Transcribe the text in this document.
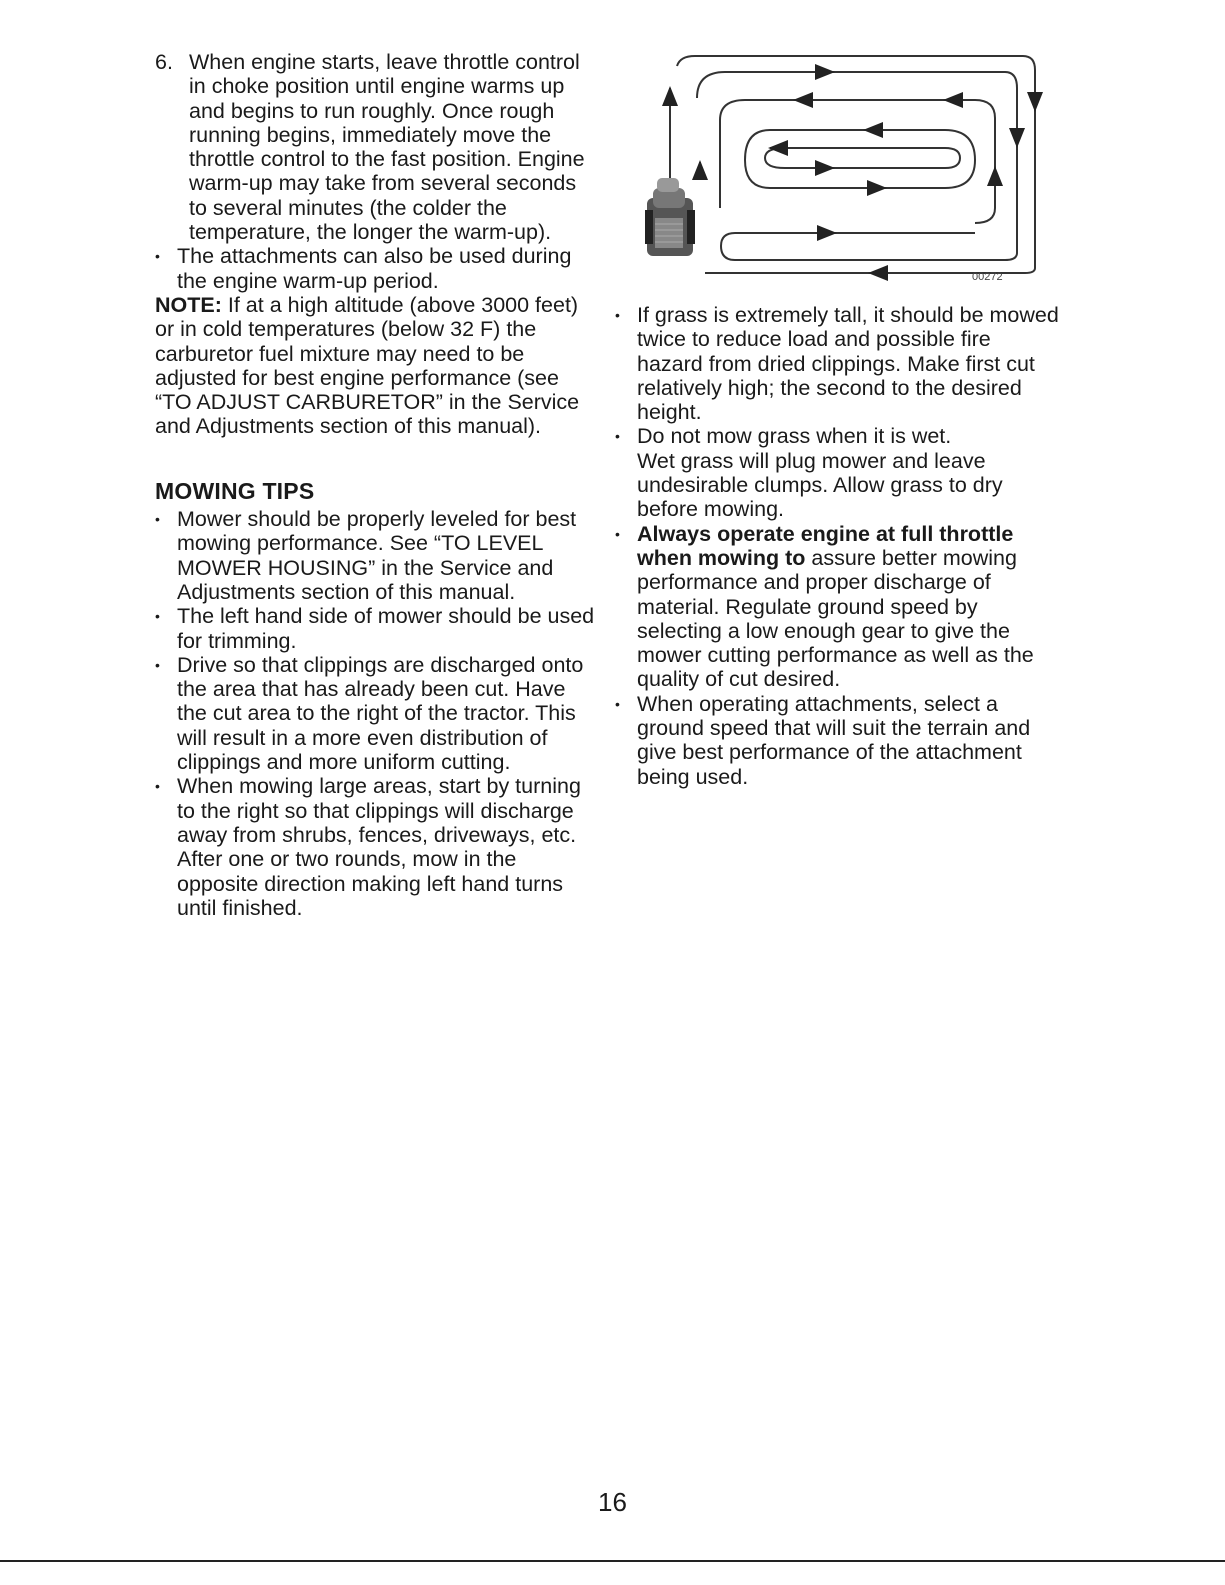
6. When engine starts, leave throttle control in choke position until engine warms up and begins to run roughly. Once rough running begins, immediately move the throttle control to the fast position. Engine warm-up may take from several seconds to several minutes (the colder the temperature, the longer the warm-up).
•
The attachments can also be used during the engine warm-up period.
NOTE: If at a high altitude (above 3000 feet) or in cold temperatures (below 32 F) the carburetor fuel mixture may need to be adjusted for best engine performance (see “TO ADJUST CARBURETOR” in the Service and Adjustments section of this manual).
MOWING TIPS
•
Mower should be properly leveled for best mowing performance. See “TO LEVEL MOWER HOUSING” in the Service and Adjustments section of this manual.
•
The left hand side of mower should be used for trimming.
•
Drive so that clippings are discharged onto the area that has already been cut. Have the cut area to the right of the tractor. This will result in a more even distribution of clippings and more uniform cutting.
•
When mowing large areas, start by turning to the right so that clippings will discharge away from shrubs, fences, driveways, etc. After one or two rounds, mow in the opposite direction making left hand turns until finished.
00272
•
If grass is extremely tall, it should be mowed twice to reduce load and possible fire hazard from dried clippings. Make first cut relatively high; the second to the desired height.
•
Do not mow grass when it is wet.
Wet grass will plug mower and leave undesirable clumps. Allow grass to dry before mowing.
•
Always operate engine at full throttle when mowing to assure better mowing performance and proper discharge of material. Regulate ground speed by selecting a low enough gear to give the mower cutting performance as well as the quality of cut desired.
•
When operating attachments, select a ground speed that will suit the terrain and give best performance of the attachment being used.
16
